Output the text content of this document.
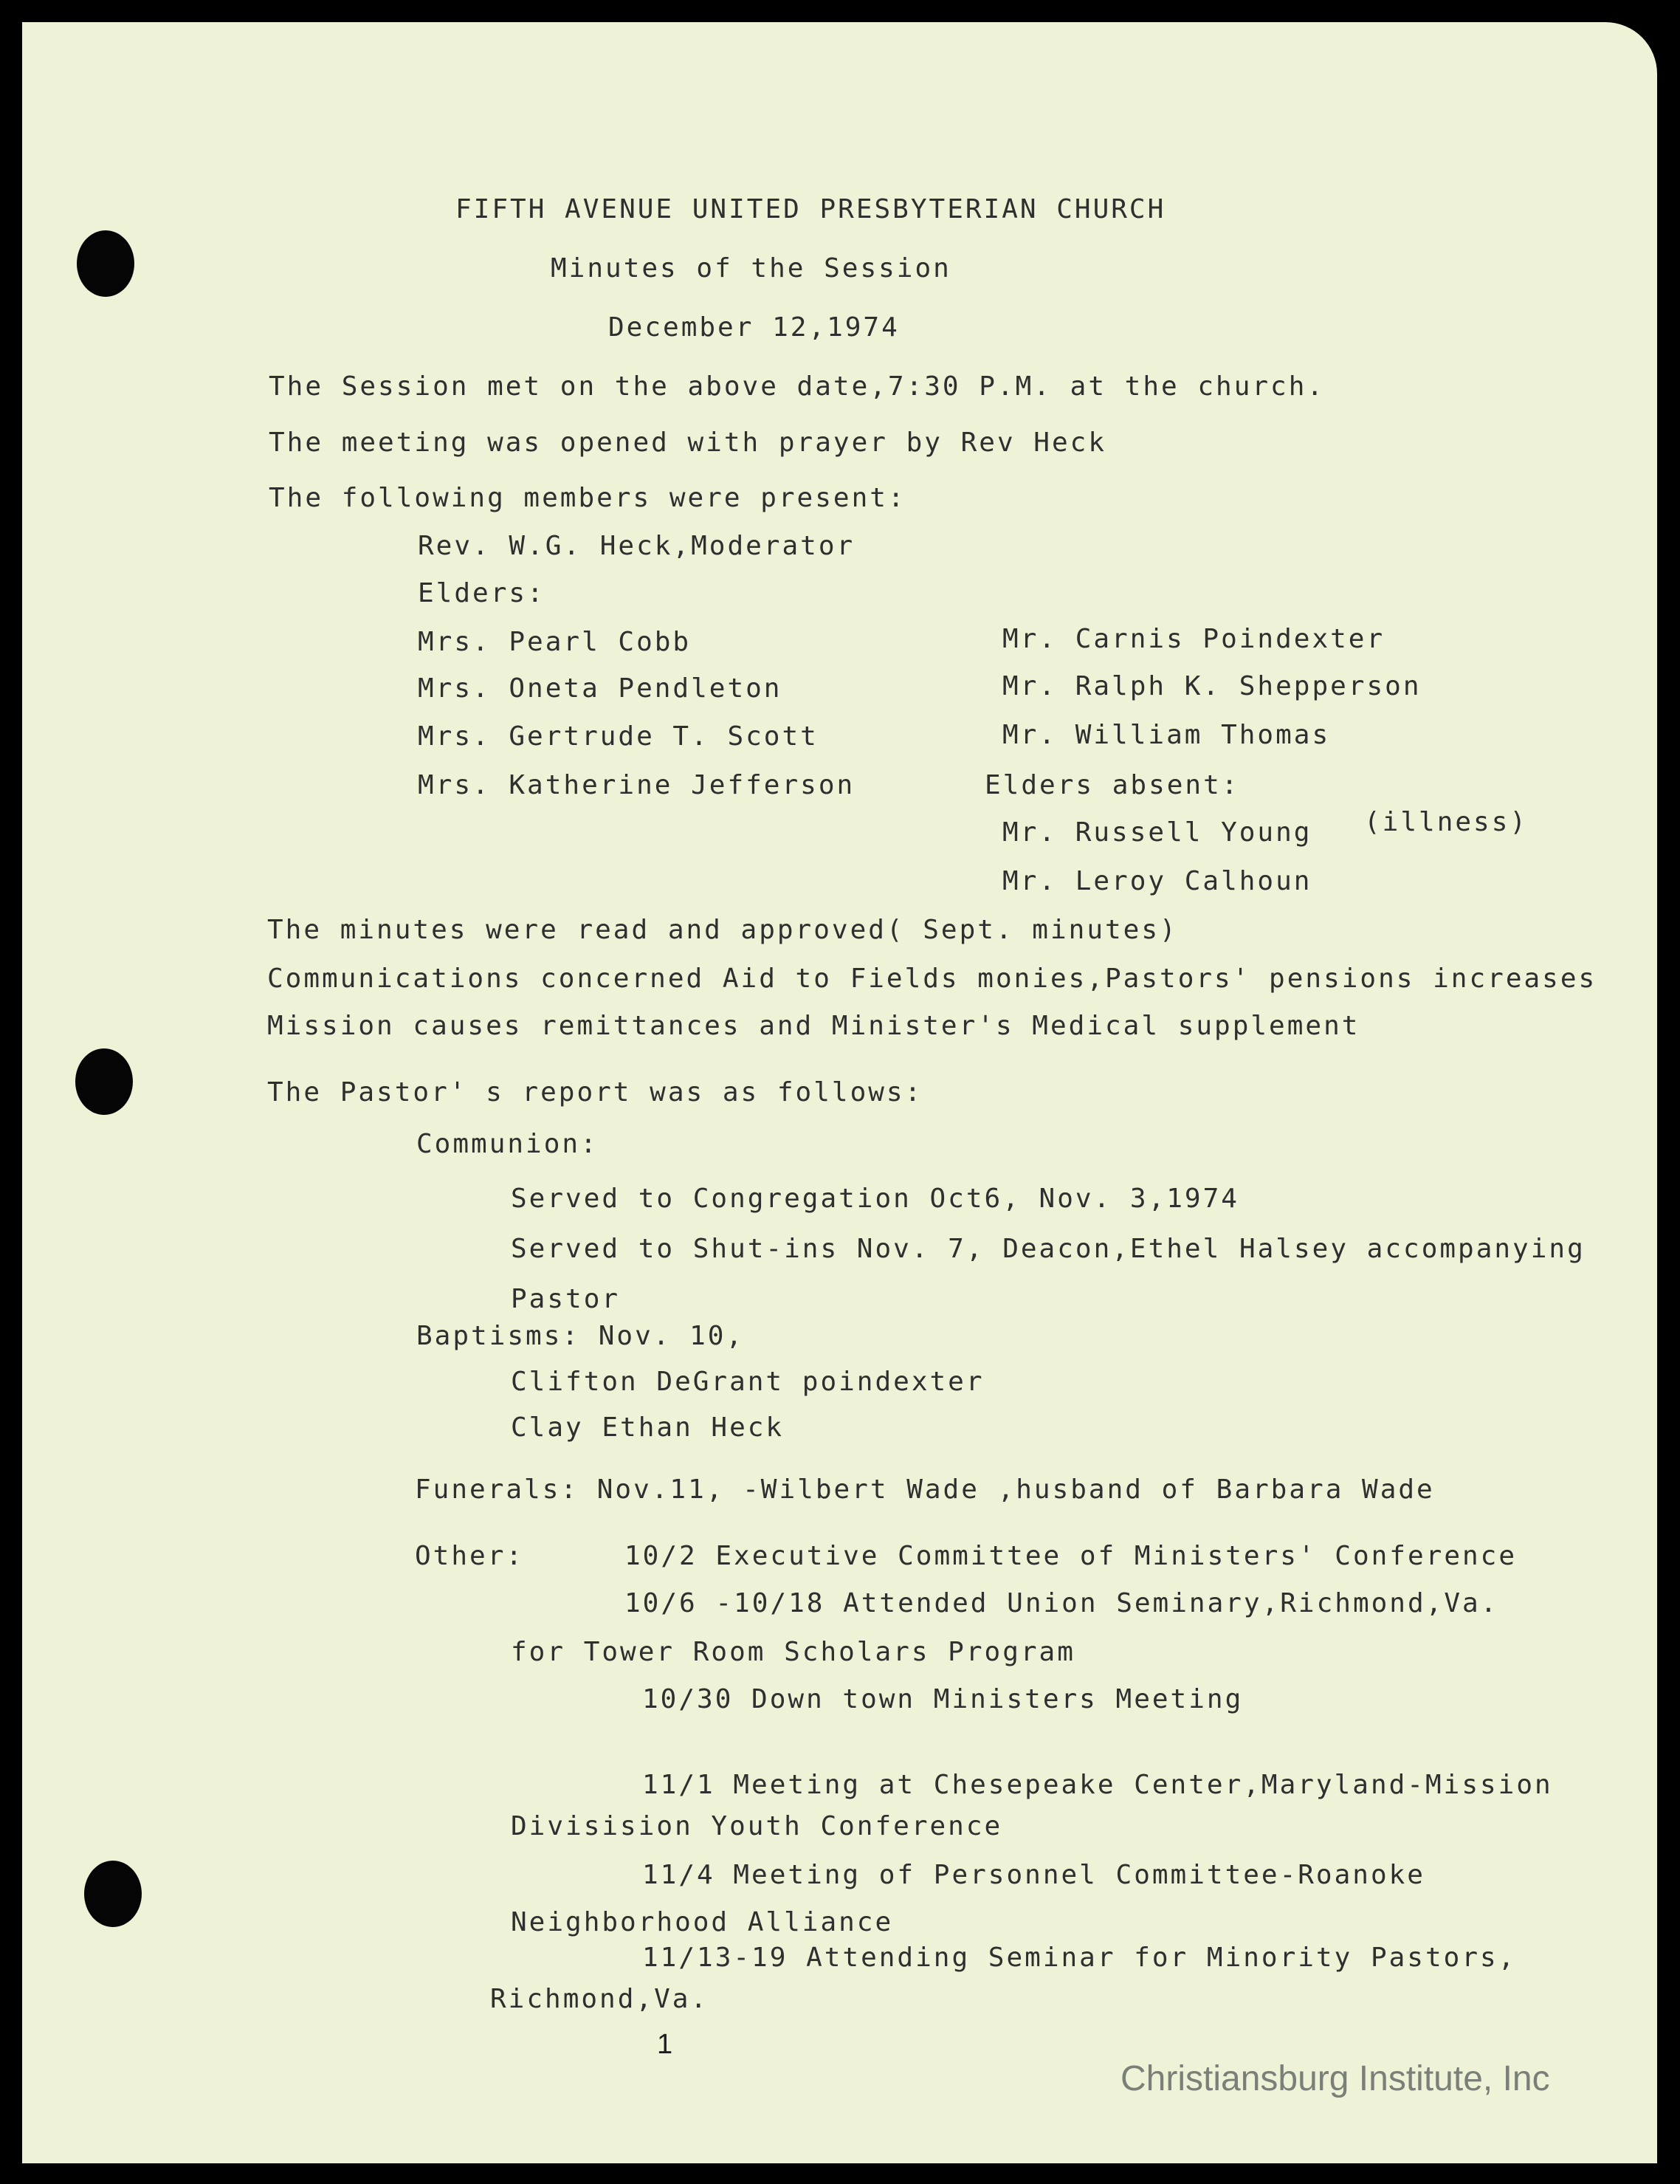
FIFTH AVENUE UNITED PRESBYTERIAN CHURCH
Minutes of the Session
December 12,1974
The Session met on the above date,7:30 P.M. at the church.
The meeting was opened with prayer by Rev Heck
The following members were present:
Rev. W.G. Heck,Moderator
Elders:
Mrs. Pearl Cobb
Mrs. Oneta Pendleton
Mrs. Gertrude T. Scott
Mrs. Katherine Jefferson
Mr. Carnis Poindexter
Mr. Ralph K. Shepperson
Mr. William Thomas
Elders absent:
Mr. Russell Young (illness)
Mr. Leroy Calhoun
The minutes were read and approved( Sept. minutes)
Communications concerned Aid to Fields monies,Pastors' pensions increases
Mission causes remittances and Minister's Medical supplement
The Pastor' s report was as follows:
Communion:
Served to Congregation Oct6, Nov. 3,1974
Served to Shut-ins Nov. 7, Deacon,Ethel Halsey accompanying
Pastor
Baptisms: Nov. 10,
Clifton DeGrant poindexter
Clay Ethan Heck
Funerals: Nov.11, -Wilbert Wade ,husband of Barbara Wade
Other:	10/2 Executive Committee of Ministers' Conference
10/6 -10/18 Attended Union Seminary,Richmond,Va.
for Tower Room Scholars Program
10/30 Down town Ministers Meeting
11/1 Meeting at Chesepeake Center,Maryland-Mission
Divisision Youth Conference
11/4 Meeting of Personnel Committee-Roanoke
Neighborhood Alliance
11/13-19 Attending Seminar for Minority Pastors,
Richmond,Va.
1
Christiansburg Institute, Inc
